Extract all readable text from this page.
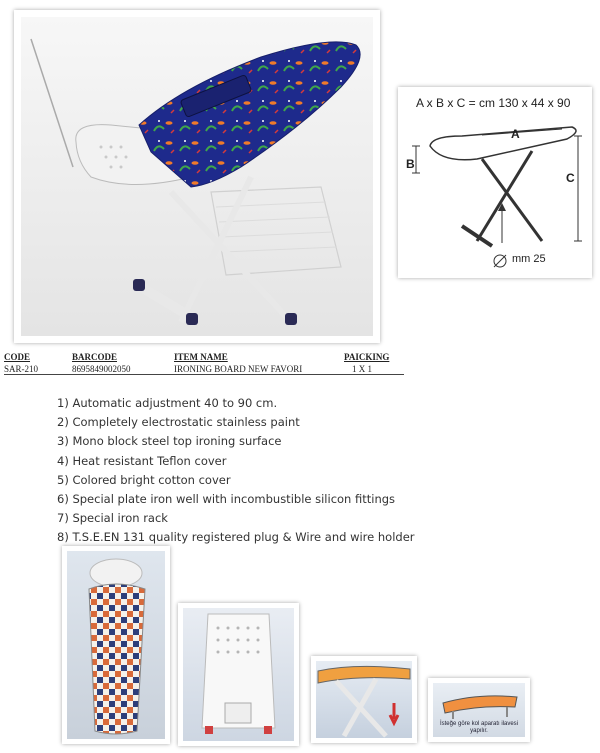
A x B x C = cm 130 x 44 x 90
A
B
C
mm 25
CODE	BARCODE	ITEM NAME	PAICKING
SAR-210	8695849002050	IRONING BOARD NEW FAVORI	1 X 1
1) Automatic adjustment 40 to 90 cm.
2) Completely electrostatic stainless paint
3) Mono block steel top ironing surface
4) Heat resistant Teflon cover
5) Colored bright cotton cover
6) Special plate iron well with incombustible silicon fittings
7) Special iron rack
8) T.S.E.EN 131 quality registered plug & Wire and wire holder
İsteğe göre kol aparatı ilavesi yapılır.
